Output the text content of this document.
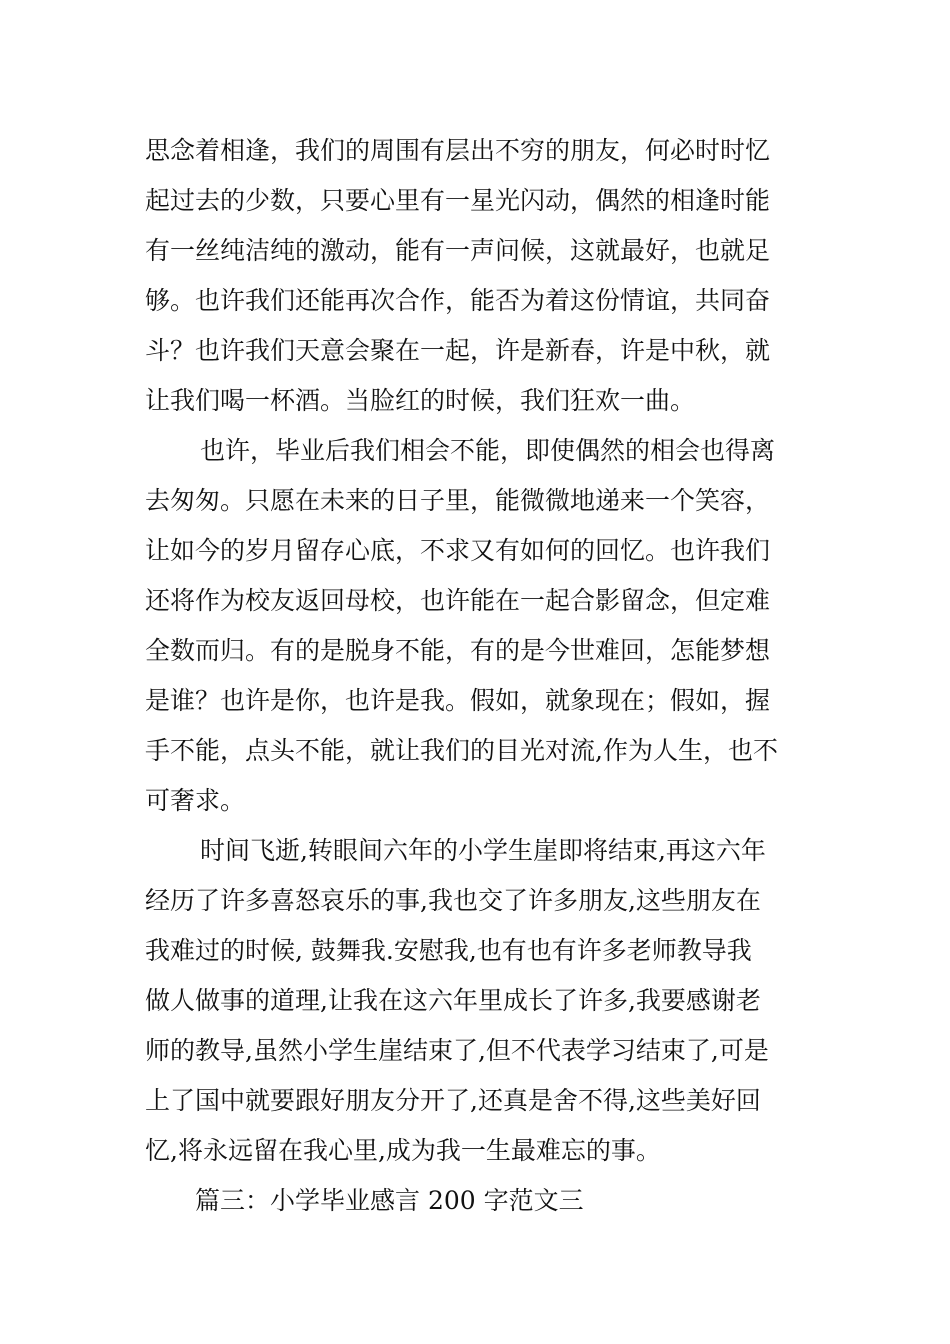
思念着相逢，我们的周围有层出不穷的朋友，何必时时忆
起过去的少数，只要心里有一星光闪动，偶然的相逢时能
有一丝纯洁纯的激动，能有一声问候，这就最好，也就足
够。也许我们还能再次合作，能否为着这份情谊，共同奋
斗？也许我们天意会聚在一起，许是新春，许是中秋，就
让我们喝一杯酒。当脸红的时候，我们狂欢一曲。
也许，毕业后我们相会不能，即使偶然的相会也得离
去匆匆。只愿在未来的日子里，能微微地递来一个笑容，
让如今的岁月留存心底，不求又有如何的回忆。也许我们
还将作为校友返回母校，也许能在一起合影留念，但定难
全数而归。有的是脱身不能，有的是今世难回，怎能梦想
是谁？也许是你，也许是我。假如，就象现在；假如，握
手不能，点头不能，就让我们的目光对流,作为人生，也不
可奢求。
时间飞逝,转眼间六年的小学生崖即将结束,再这六年
经历了许多喜怒哀乐的事,我也交了许多朋友,这些朋友在
我难过的时候, 鼓舞我.安慰我,也有也有许多老师教导我
做人做事的道理,让我在这六年里成长了许多,我要感谢老
师的教导,虽然小学生崖结束了,但不代表学习结束了,可是
上了国中就要跟好朋友分开了,还真是舍不得,这些美好回
忆,将永远留在我心里,成为我一生最难忘的事。
篇三：小学毕业感言 200 字范文三
